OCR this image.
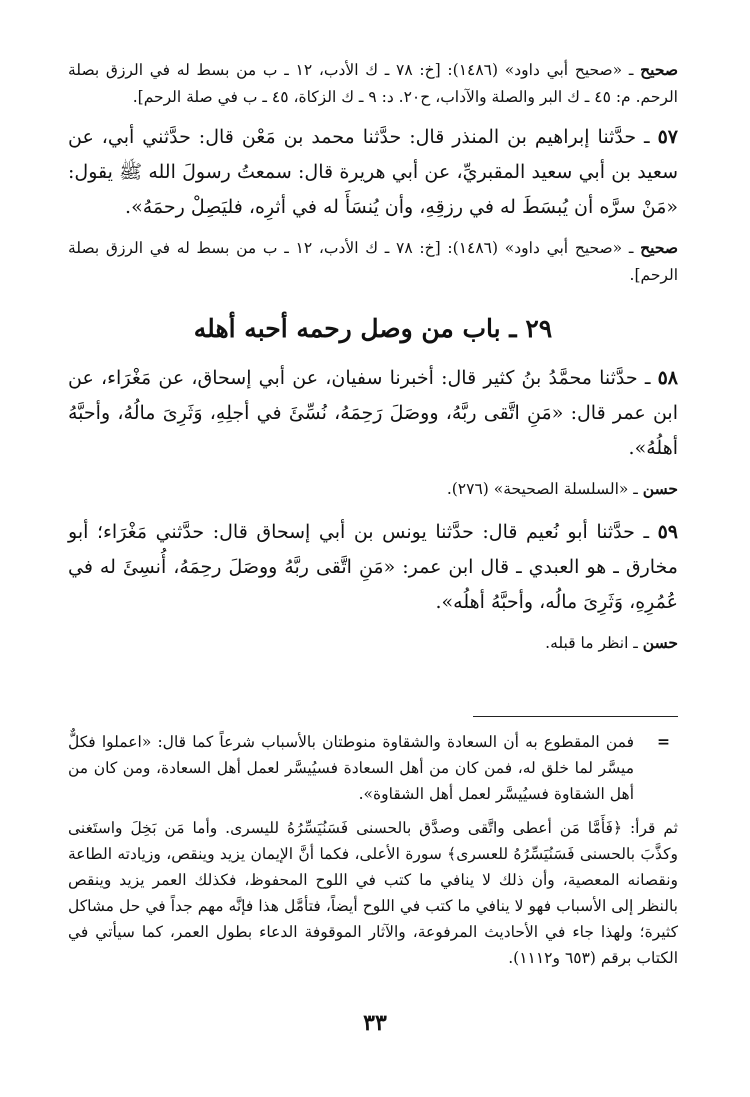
صحيح ـ «صحيح أبي داود» (١٤٨٦): [خ: ٧٨ ـ ك الأدب، ١٢ ـ ب من بسط له في الرزق بصلة الرحم. م: ٤٥ ـ ك البر والصلة والآداب، ح٢٠. د: ٩ ـ ك الزكاة، ٤٥ ـ ب في صلة الرحم].

٥٧ ـ حدَّثنا إبراهيم بن المنذر قال: حدَّثنا محمد بن مَعْن قال: حدَّثني أبي، عن سعيد بن أبي سعيد المقبريِّ، عن أبي هريرة قال: سمعتُ رسولَ الله ﷺ يقول: «مَنْ سرَّه أن يُبسَطَ له في رزقِهِ، وأن يُنسَأَ له في أثرِه، فليَصِلْ رحمَهُ».

صحيح ـ «صحيح أبي داود» (١٤٨٦): [خ: ٧٨ ـ ك الأدب، ١٢ ـ ب من بسط له في الرزق بصلة الرحم].

٢٩ ـ باب من وصل رحمه أحبه أهله

٥٨ ـ حدَّثنا محمَّدُ بنُ كثير قال: أخبرنا سفيان، عن أبي إسحاق، عن مَغْرَاء، عن ابن عمر قال: «مَنِ اتَّقى ربَّهُ، ووصَلَ رَحِمَهُ، نُسِّئَ في أجلِهِ، وَثَرِىَ مالُهُ، وأحبَّهُ أهلُهُ».

حسن ـ «السلسلة الصحيحة» (٢٧٦).

٥٩ ـ حدَّثنا أبو نُعيم قال: حدَّثنا يونس بن أبي إسحاق قال: حدَّثني مَغْرَاء؛ أبو مخارق ـ هو العبدي ـ قال ابن عمر: «مَنِ اتَّقى ربَّهُ ووصَلَ رحِمَهُ، أُنسِئَ له في عُمُرِهِ، وَثَرِىَ مالُه، وأحبَّهُ أهلُه».

حسن ـ انظر ما قبله.

=
فمن المقطوع به أن السعادة والشقاوة منوطتان بالأسباب شرعاً كما قال: «اعملوا فكلٌّ ميسَّر لما خلق له، فمن كان من أهل السعادة فسيُيسَّر لعمل أهل السعادة، ومن كان من أهل الشقاوة فسيُيسَّر لعمل أهل الشقاوة».

ثم قرأ: ﴿فَأَمَّا مَن أعطى واتَّقى وصدَّق بالحسنى فَسَنُيَسِّرُهُ لليسرى. وأما مَن بَخِلَ واستَغنى وكذَّبَ بالحسنى فَسَنُيَسِّرُهُ للعسرى﴾ سورة الأعلى، فكما أنَّ الإيمان يزيد وينقص، وزيادته الطاعة ونقصانه المعصية، وأن ذلك لا ينافي ما كتب في اللوح المحفوظ، فكذلك العمر يزيد وينقص بالنظر إلى الأسباب فهو لا ينافي ما كتب في اللوح أيضاً، فتأمَّل هذا فإنَّه مهم جداً في حل مشاكل كثيرة؛ ولهذا جاء في الأحاديث المرفوعة، والآثار الموقوفة الدعاء بطول العمر، كما سيأتي في الكتاب برقم (٦٥٣ و١١١٢).

٣٣
